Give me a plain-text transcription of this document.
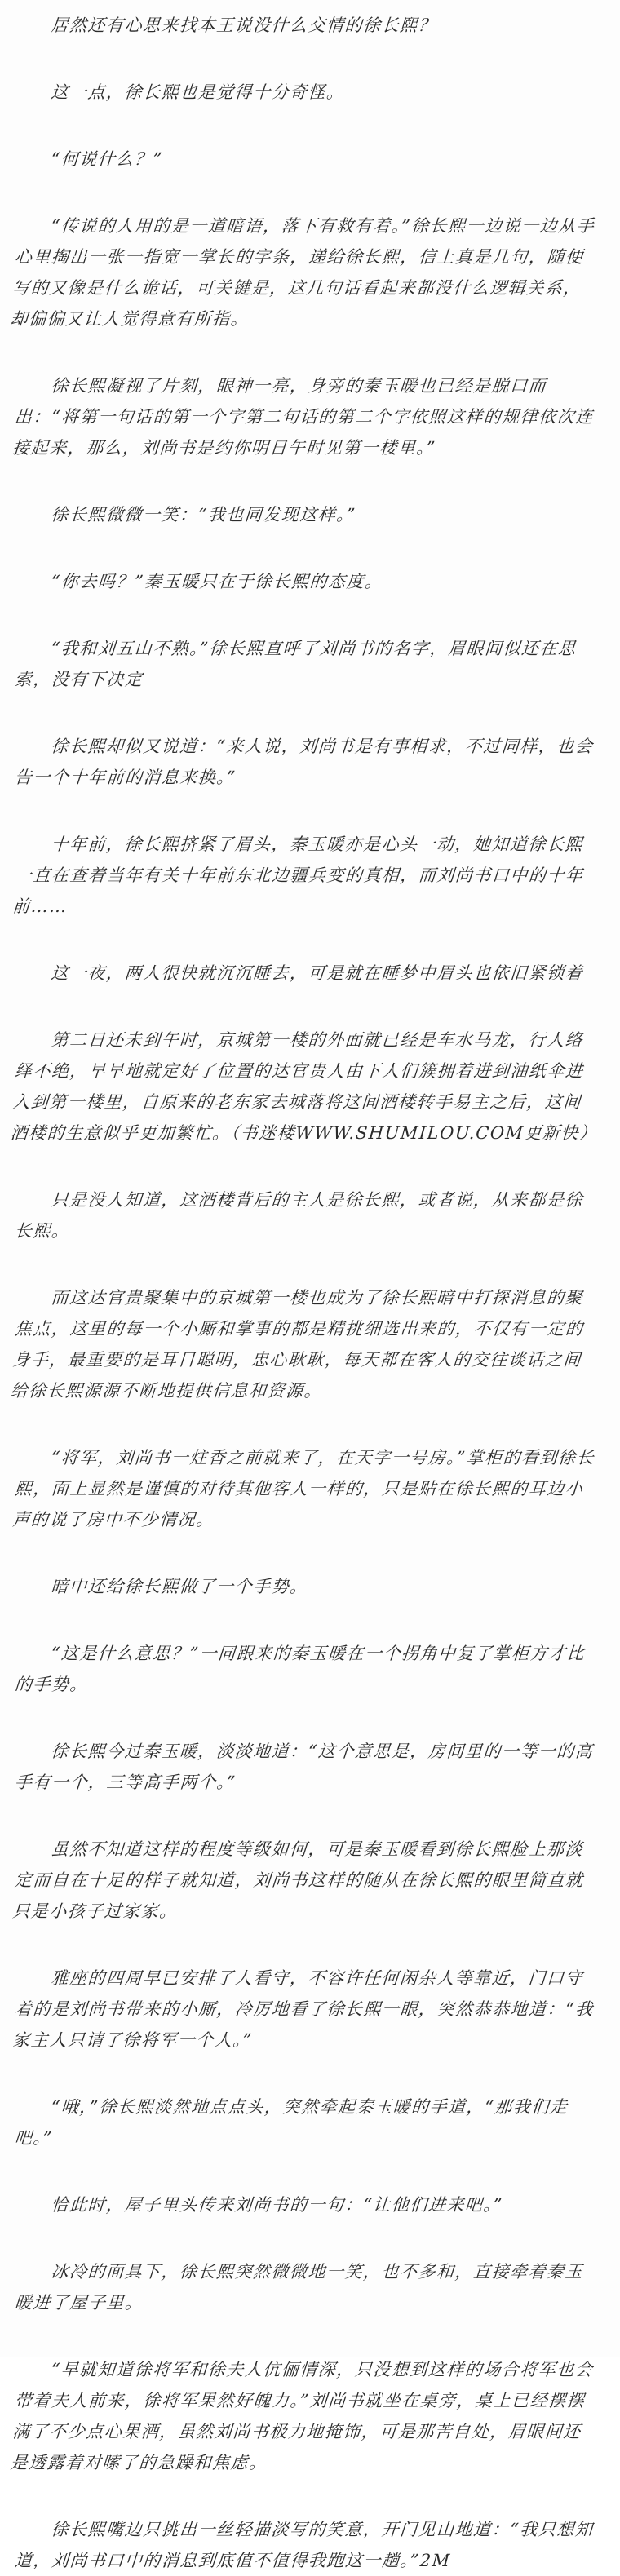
居然还有心思来找本王说没什么交情的徐长熙？

这一点，徐长熙也是觉得十分奇怪。

“何说什么？”

“传说的人用的是一道暗语，落下有救有着。”徐长熙一边说一边从手心里掏出一张一指宽一掌长的字条，递给徐长熙，信上真是几句，随便写的又像是什么诡话，可关键是，这几句话看起来都没什么逻辑关系，却偏偏又让人觉得意有所指。

徐长熙凝视了片刻，眼神一亮，身旁的秦玉暖也已经是脱口而出：“将第一句话的第一个字第二句话的第二个字依照这样的规律依次连接起来，那么，刘尚书是约你明日午时见第一楼里。”

徐长熙微微一笑：“我也同发现这样。”

“你去吗？”秦玉暖只在于徐长熙的态度。

“我和刘五山不熟。”徐长熙直呼了刘尚书的名字，眉眼间似还在思索，没有下决定

徐长熙却似又说道：“来人说，刘尚书是有事相求，不过同样，也会告一个十年前的消息来换。”

十年前，徐长熙挤紧了眉头，秦玉暖亦是心头一动，她知道徐长熙一直在查着当年有关十年前东北边疆兵变的真相，而刘尚书口中的十年前……

这一夜，两人很快就沉沉睡去，可是就在睡梦中眉头也依旧紧锁着

第二日还未到午时，京城第一楼的外面就已经是车水马龙，行人络绎不绝，早早地就定好了位置的达官贵人由下人们簇拥着进到油纸伞进入到第一楼里，自原来的老东家去城落将这间酒楼转手易主之后，这间酒楼的生意似乎更加繁忙。（书迷楼WWW.SHUMILOU.COM更新快）

只是没人知道，这酒楼背后的主人是徐长熙，或者说，从来都是徐长熙。

而这达官贵聚集中的京城第一楼也成为了徐长熙暗中打探消息的聚焦点，这里的每一个小厮和掌事的都是精挑细选出来的，不仅有一定的身手，最重要的是耳目聪明，忠心耿耿，每天都在客人的交往谈话之间给徐长熙源源不断地提供信息和资源。

“将军，刘尚书一炷香之前就来了，在天字一号房。”掌柜的看到徐长熙，面上显然是谨慎的对待其他客人一样的，只是贴在徐长熙的耳边小声的说了房中不少情况。

暗中还给徐长熙做了一个手势。

“这是什么意思？”一同跟来的秦玉暖在一个拐角中复了掌柜方才比的手势。

徐长熙今过秦玉暖，淡淡地道：“这个意思是，房间里的一等一的高手有一个，三等高手两个。”

虽然不知道这样的程度等级如何，可是秦玉暖看到徐长熙脸上那淡定而自在十足的样子就知道，刘尚书这样的随从在徐长熙的眼里简直就只是小孩子过家家。

雅座的四周早已安排了人看守，不容许任何闲杂人等靠近，门口守着的是刘尚书带来的小厮，冷厉地看了徐长熙一眼，突然恭恭地道：“我家主人只请了徐将军一个人。”

“哦，”徐长熙淡然地点点头，突然牵起秦玉暖的手道，“那我们走吧。”

恰此时，屋子里头传来刘尚书的一句：“让他们进来吧。”

冰冷的面具下，徐长熙突然微微地一笑，也不多和，直接牵着秦玉暖进了屋子里。

“早就知道徐将军和徐夫人伉俪情深，只没想到这样的场合将军也会带着夫人前来，徐将军果然好魄力。”刘尚书就坐在桌旁，桌上已经摆摆满了不少点心果酒，虽然刘尚书极力地掩饰，可是那苦自处，眉眼间还是透露着对嗦了的急躁和焦虑。

徐长熙嘴边只挑出一丝轻描淡写的笑意，开门见山地道：“我只想知道，刘尚书口中的消息到底值不值得我跑这一趟。”2M
